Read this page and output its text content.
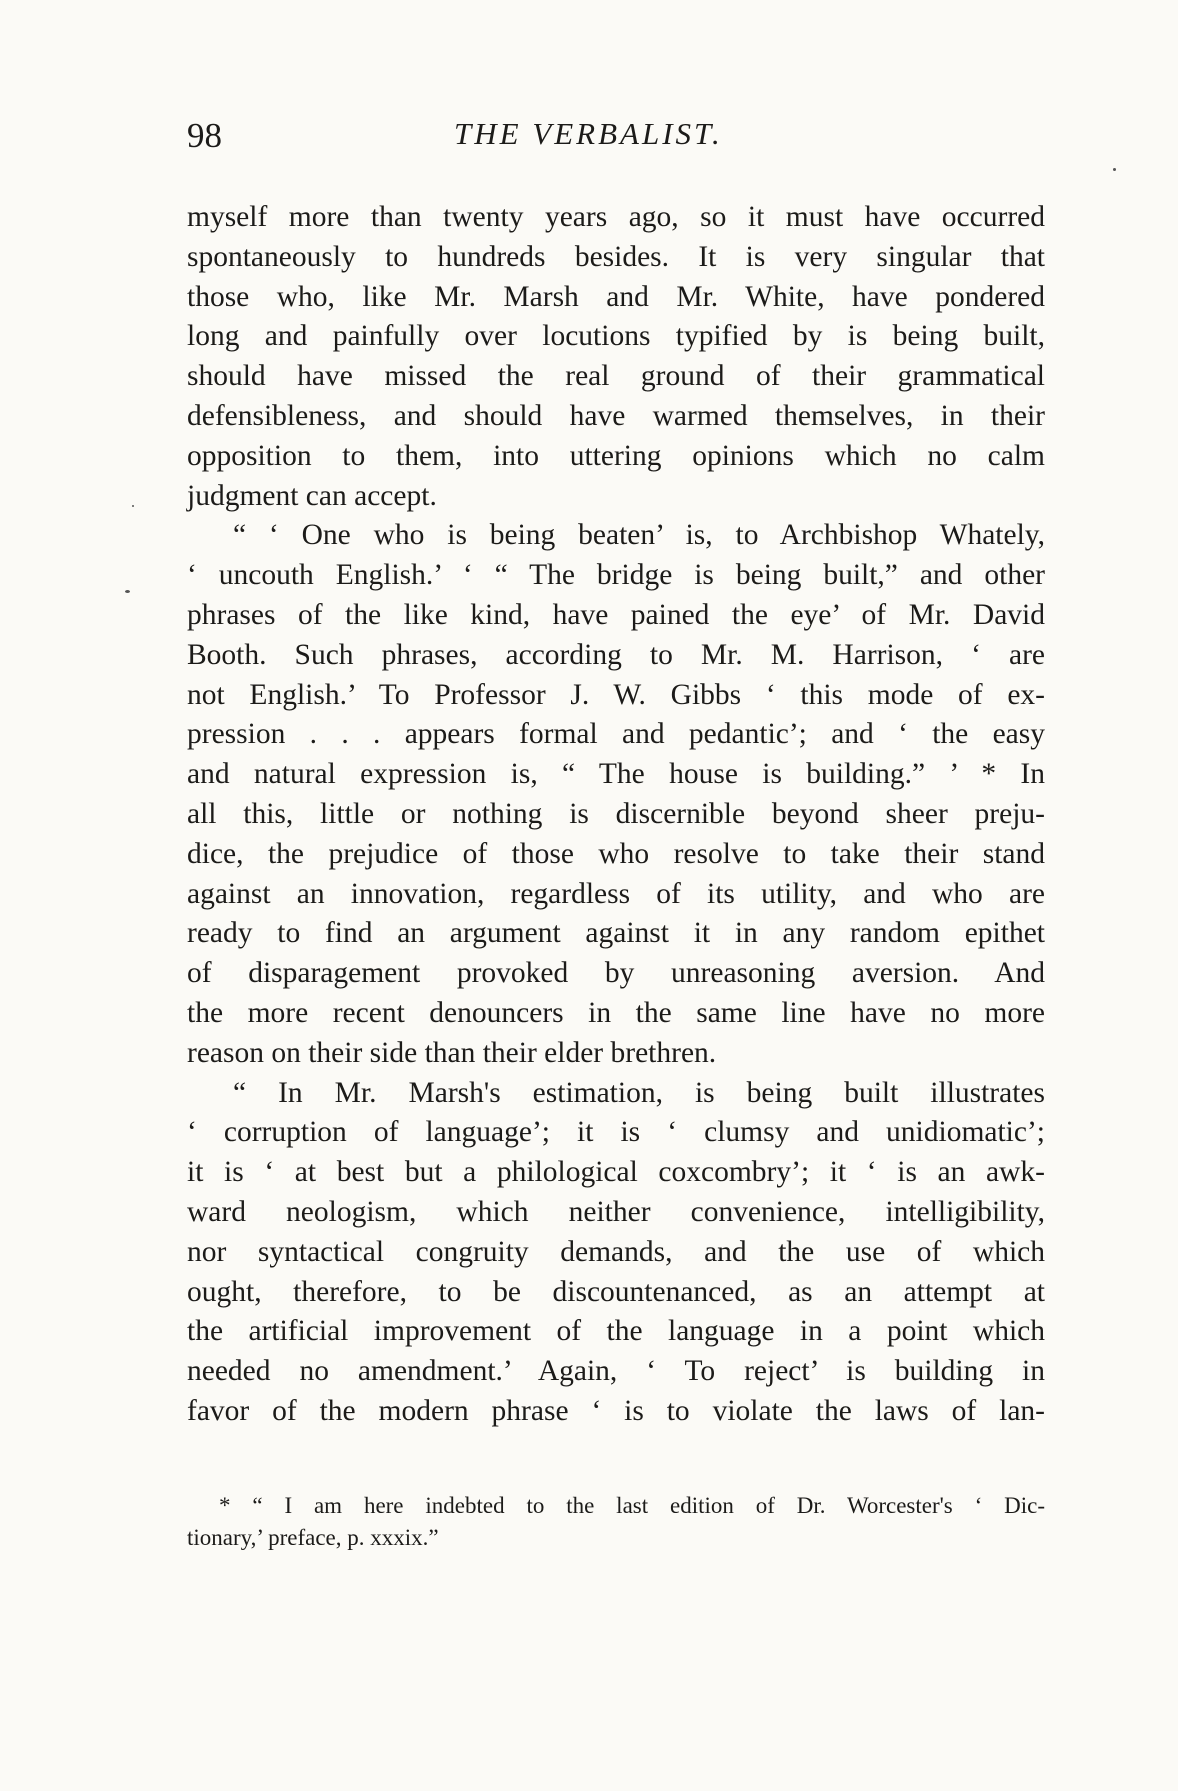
98	THE VERBALIST.

myself more than twenty years ago, so it must have occurred
spontaneously to hundreds besides. It is very singular that
those who, like Mr. Marsh and Mr. White, have pondered
long and painfully over locutions typified by is being built,
should have missed the real ground of their grammatical
defensibleness, and should have warmed themselves, in their
opposition to them, into uttering opinions which no calm
judgment can accept.

“ ‘ One who is being beaten’ is, to Archbishop Whately,
‘ uncouth English.’ ‘ “ The bridge is being built,” and other
phrases of the like kind, have pained the eye’ of Mr. David
Booth. Such phrases, according to Mr. M. Harrison, ‘ are
not English.’ To Professor J. W. Gibbs ‘ this mode of ex-
pression . . . appears formal and pedantic’; and ‘ the easy
and natural expression is, “ The house is building.” ’ * In
all this, little or nothing is discernible beyond sheer preju-
dice, the prejudice of those who resolve to take their stand
against an innovation, regardless of its utility, and who are
ready to find an argument against it in any random epithet
of disparagement provoked by unreasoning aversion. And
the more recent denouncers in the same line have no more
reason on their side than their elder brethren.

“ In Mr. Marsh's estimation, is being built illustrates
‘ corruption of language’; it is ‘ clumsy and unidiomatic’;
it is ‘ at best but a philological coxcombry’; it ‘ is an awk-
ward neologism, which neither convenience, intelligibility,
nor syntactical congruity demands, and the use of which
ought, therefore, to be discountenanced, as an attempt at
the artificial improvement of the language in a point which
needed no amendment.’ Again, ‘ To reject’ is building in
favor of the modern phrase ‘ is to violate the laws of lan-

* “ I am here indebted to the last edition of Dr. Worcester's ‘ Dic-
tionary,’ preface, p. xxxix.”
